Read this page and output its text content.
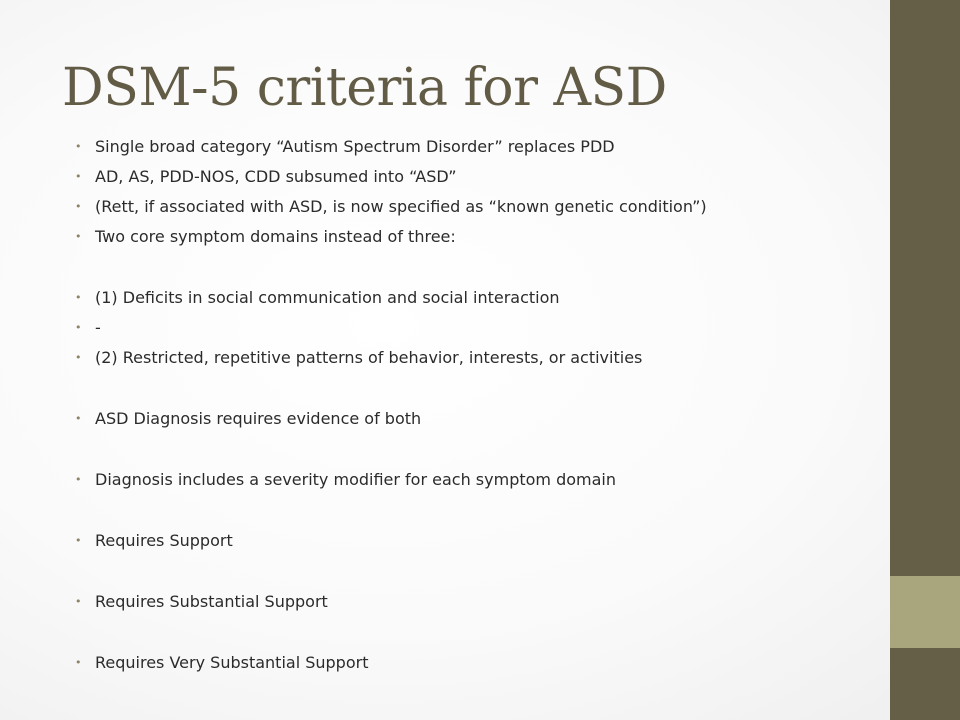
DSM-5 criteria for ASD
• Single broad category “Autism Spectrum Disorder” replaces PDD
• AD, AS, PDD-NOS, CDD subsumed into “ASD”
• (Rett, if associated with ASD, is now specified as “known genetic condition”)
• Two core symptom domains instead of three:
• (1) Deficits in social communication and social interaction
• -
• (2) Restricted, repetitive patterns of behavior, interests, or activities
• ASD Diagnosis requires evidence of both
• Diagnosis includes a severity modifier for each symptom domain
• Requires Support
• Requires Substantial Support
• Requires Very Substantial Support
